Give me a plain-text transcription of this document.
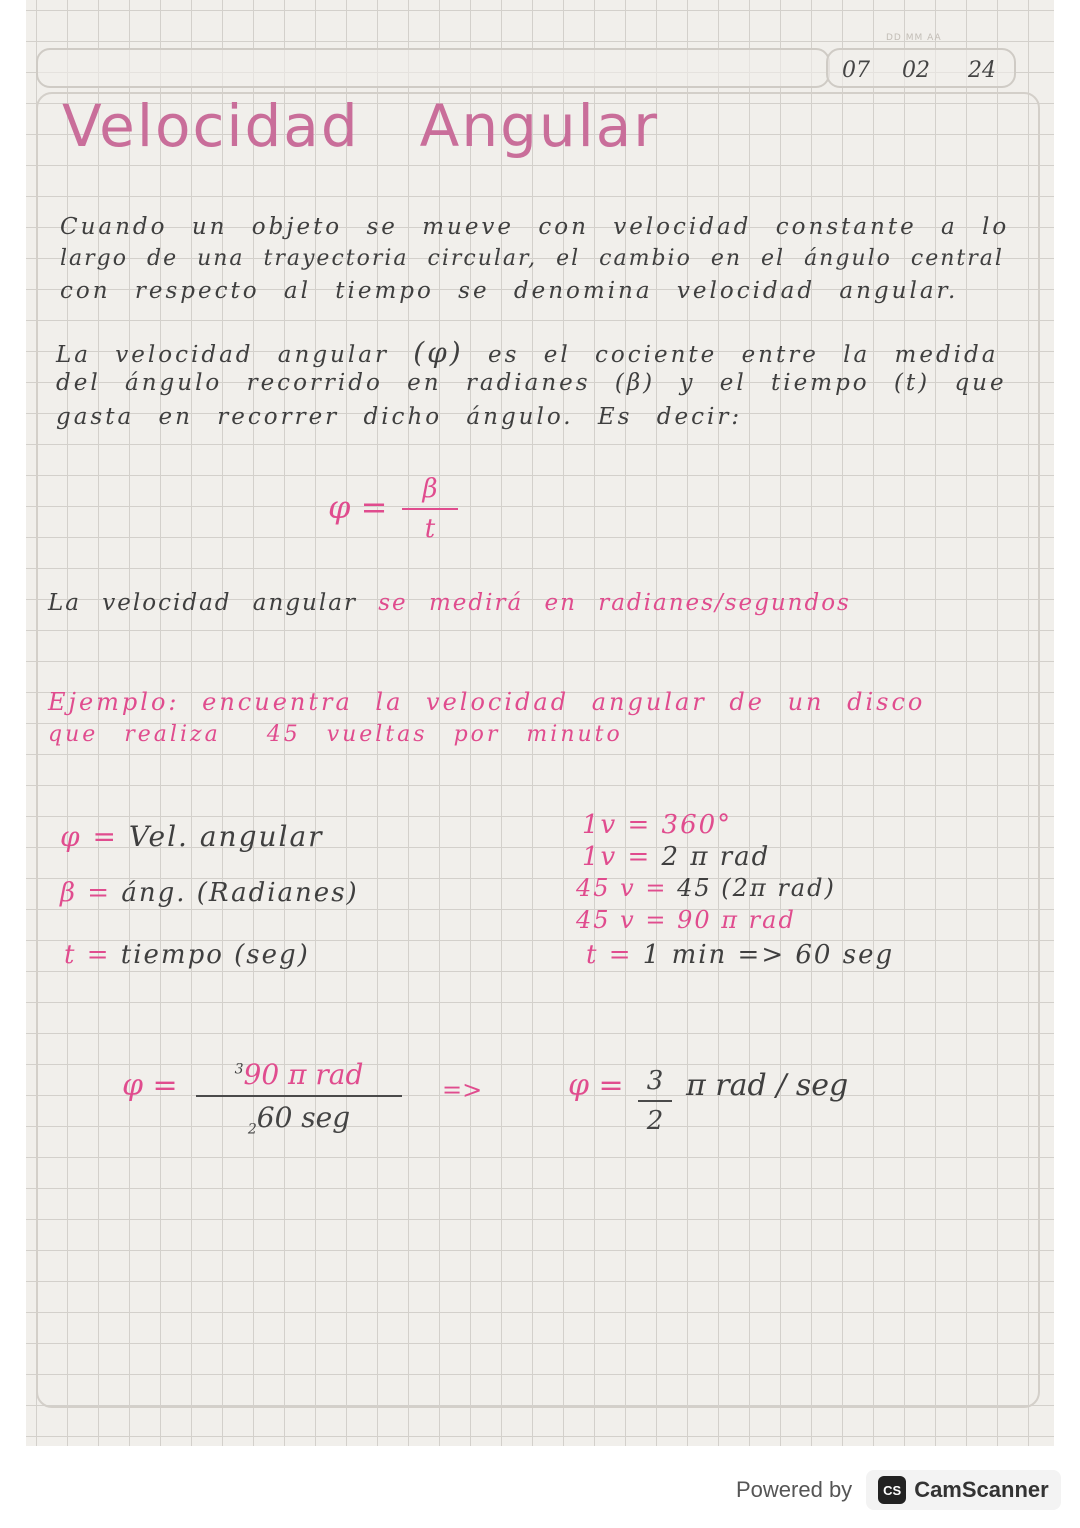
DD MM AA
07 02 24
Velocidad Angular

Cuando un objeto se mueve con velocidad constante a lo

largo de una trayectoria circular, el cambio en el ángulo central

con respecto al tiempo se denomina velocidad angular.

La velocidad angular (φ) es el cociente entre la medida

del ángulo recorrido en radianes (β) y el tiempo (t) que

gasta en recorrer dicho ángulo. Es decir:

φ =	β
t

La velocidad angular se medirá en radianes/segundos

Ejemplo: encuentra la velocidad angular de un disco

que realiza 45 vueltas por minuto

φ = Vel. angular

β = áng. (Radianes)

t = tiempo (seg)

1v = 360°

1v = 2 π rad

45 v = 45 (2π rad)

45 v = 90 π rad

t = 1 min => 60 seg

φ =	$^3$90 π rad
$_2$60 seg
=>	φ = 3
2
π rad / seg
Powered by	CS CamScanner
